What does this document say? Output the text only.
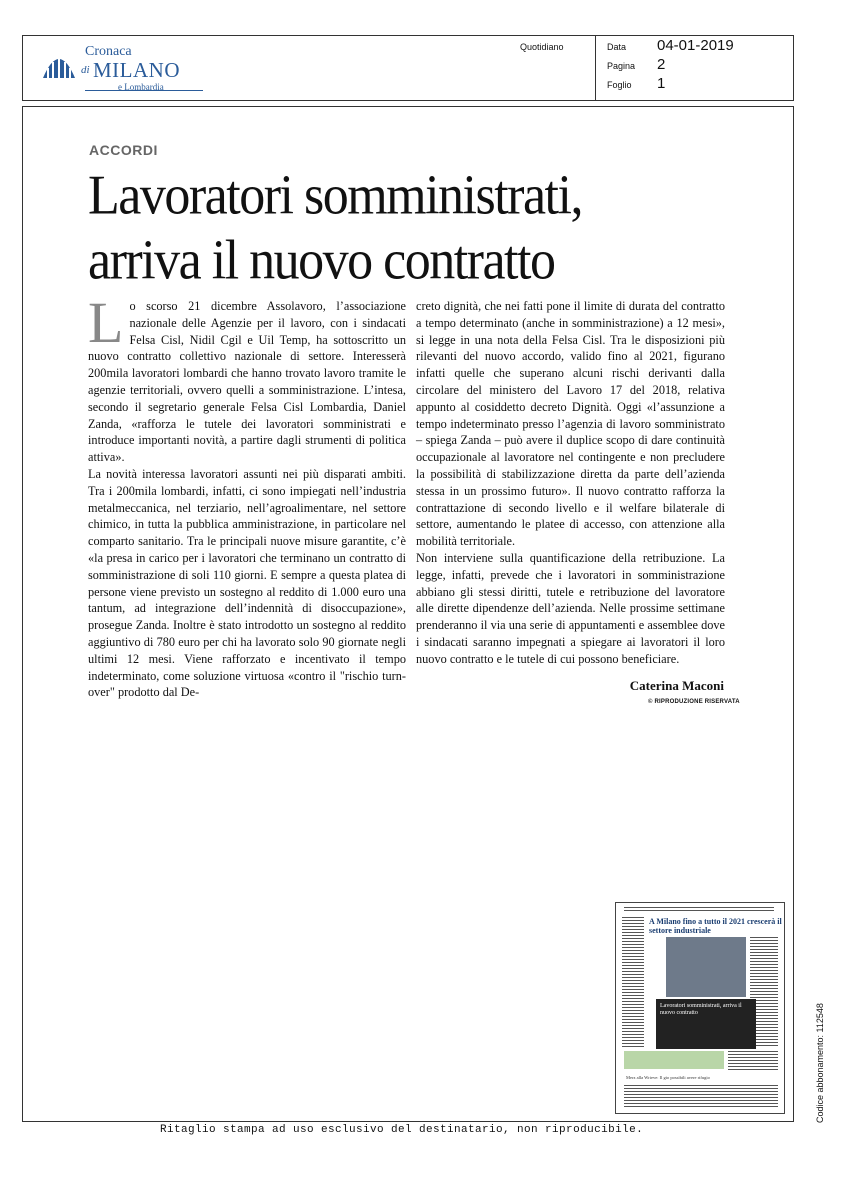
Cronaca
di MILANO
e Lombardia
Quotidiano	Data 04-01-2019
Pagina 2
Foglio 1
ACCORDI
Lavoratori somministrati,
arriva il nuovo contratto

Lo scorso 21 dicembre Assolavoro, l’associazione nazionale delle Agenzie per il lavoro, con i sindacati Felsa Cisl, Nidil Cgil e Uil Temp, ha sottoscritto un nuovo contratto collettivo nazionale di settore. Interesserà 200mila lavoratori lombardi che hanno trovato lavoro tramite le agenzie territoriali, ovvero quelli a somministrazione. L’intesa, secondo il segretario generale Felsa Cisl Lombardia, Daniel Zanda, «rafforza le tutele dei lavoratori somministrati e introduce importanti novità, a partire dagli strumenti di politica attiva».

La novità interessa lavoratori assunti nei più disparati ambiti. Tra i 200mila lombardi, infatti, ci sono impiegati nell’industria metalmeccanica, nel terziario, nell’agroalimentare, nel settore chimico, in tutta la pubblica amministrazione, in particolare nel comparto sanitario. Tra le principali nuove misure garantite, c’è «la presa in carico per i lavoratori che terminano un contratto di somministrazione di soli 110 giorni. E sempre a questa platea di persone viene previsto un sostegno al reddito di 1.000 euro una tantum, ad integrazione dell’indennità di disoccupazione», prosegue Zanda. Inoltre è stato introdotto un sostegno al reddito aggiuntivo di 780 euro per chi ha lavorato solo 90 giornate negli ultimi 12 mesi. Viene rafforzato e incentivato il tempo indeterminato, come soluzione virtuosa «contro il "rischio turn-over" prodotto dal De-

creto dignità, che nei fatti pone il limite di durata del contratto a tempo determinato (anche in somministrazione) a 12 mesi», si legge in una nota della Felsa Cisl. Tra le disposizioni più rilevanti del nuovo accordo, valido fino al 2021, figurano infatti quelle che superano alcuni rischi derivanti dalla circolare del ministero del Lavoro 17 del 2018, relativa appunto al cosiddetto decreto Dignità. Oggi «l’assunzione a tempo indeterminato presso l’agenzia di lavoro somministrato – spiega Zanda – può avere il duplice scopo di dare continuità occupazionale al lavoratore nel contingente e non precludere la possibilità di stabilizzazione diretta da parte dell’azienda stessa in un prossimo futuro». Il nuovo contratto rafforza la contrattazione di secondo livello e il welfare bilaterale di settore, aumentando le platee di accesso, con attenzione alla mobilità territoriale.

Non interviene sulla quantificazione della retribuzione. La legge, infatti, prevede che i lavoratori in somministrazione abbiano gli stessi diritti, tutele e retribuzione del lavoratore alle dirette dipendenze dell’azienda. Nelle prossime settimane prenderanno il via una serie di appuntamenti e assemblee dove i sindacati saranno impegnati a spiegare ai lavoratori il loro nuovo contratto e le tutele di cui possono beneficiare.

Caterina Maconi
© RIPRODUZIONE RISERVATA
A Milano fino a tutto il 2021 crescerà il settore industriale
Lavoratori somministrati, arriva il nuovo contratto
Merz alla Wrieve: Il gio possibili avere rifugio	Codice abbonamento: 112548
Ritaglio stampa ad uso esclusivo del destinatario, non riproducibile.
